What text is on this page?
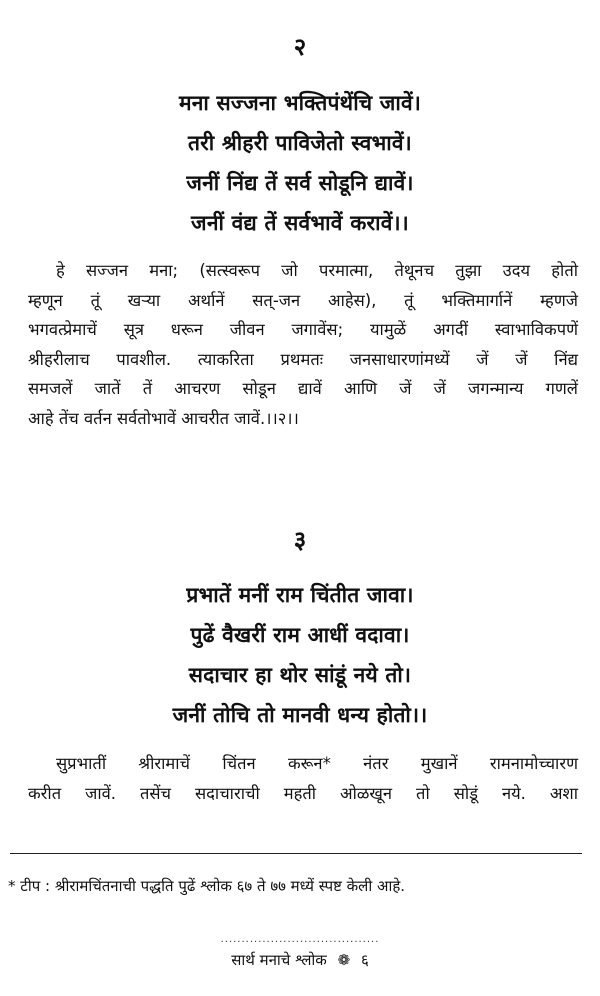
२
मना सज्जना भक्तिपंथेंचि जावें।
तरी श्रीहरी पाविजेतो स्वभावें।
जनीं निंद्य तें सर्व सोडूनि द्यावें।
जनीं वंद्य तें सर्वभावें करावें।।
हे सज्जन मना; (सत्स्वरूप जो परमात्मा, तेथूनच तुझा उदय होतो
म्हणून तूं खऱ्या अर्थानें सत्-जन आहेस), तूं भक्तिमार्गानें म्हणजे
भगवत्प्रेमाचें सूत्र धरून जीवन जगावेंस; यामुळें अगदीं स्वाभाविकपणें
श्रीहरीलाच पावशील. त्याकरिता प्रथमतः जनसाधारणांमध्यें जें जें निंद्य
समजलें जातें तें आचरण सोडून द्यावें आणि जें जें जगन्मान्य गणलें
आहे तेंच वर्तन सर्वतोभावें आचरीत जावें.।।२।।
३
प्रभातें मनीं राम चिंतीत जावा।
पुढें वैखरीं राम आधीं वदावा।
सदाचार हा थोर सांडूं नये तो।
जनीं तोचि तो मानवी धन्य होतो।।
सुप्रभातीं श्रीरामाचें चिंतन करून* नंतर मुखानें रामनामोच्चारण
करीत जावें. तसेंच सदाचाराची महती ओळखून तो सोडूं नये. अशा
* टीप : श्रीरामचिंतनाची पद्धति पुढें श्लोक ६७ ते ७७ मध्यें स्पष्ट केली आहे.
......................................
सार्थ मनाचे श्लोक ❁ ६
